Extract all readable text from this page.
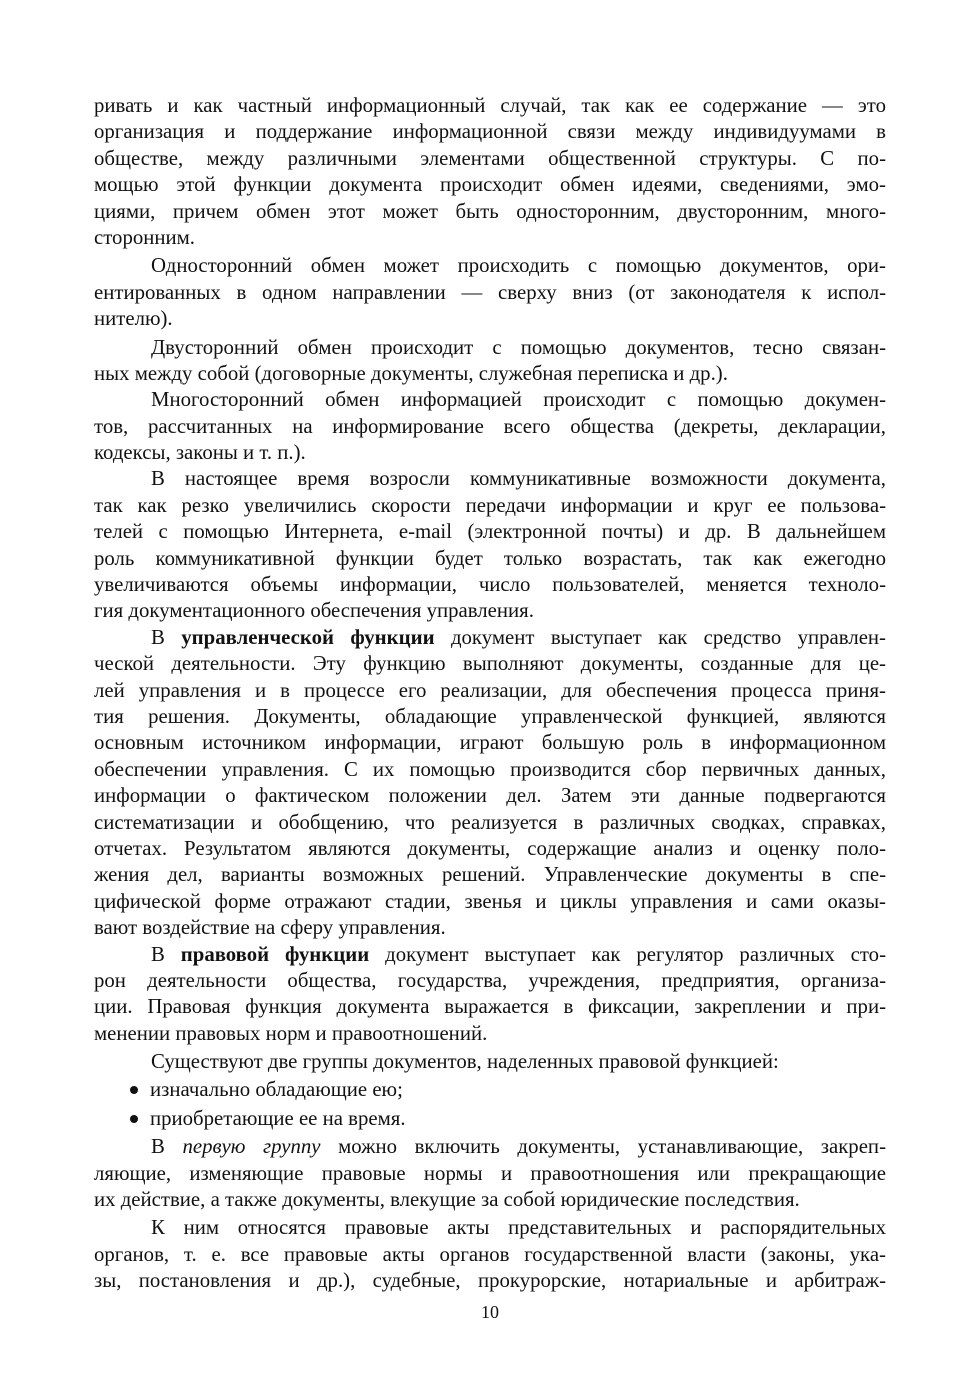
ривать и как частный информационный случай, так как ее содержание — это
организация и поддержание информационной связи между индивидуумами в
обществе, между различными элементами общественной структуры. С по-
мощью этой функции документа происходит обмен идеями, сведениями, эмо-
циями, причем обмен этот может быть односторонним, двусторонним, много-
сторонним.
Односторонний обмен может происходить с помощью документов, ори-
ентированных в одном направлении — сверху вниз (от законодателя к испол-
нителю).
Двусторонний обмен происходит с помощью документов, тесно связан-
ных между собой (договорные документы, служебная переписка и др.).
Многосторонний обмен информацией происходит с помощью докумен-
тов, рассчитанных на информирование всего общества (декреты, декларации,
кодексы, законы и т. п.).
В настоящее время возросли коммуникативные возможности документа,
так как резко увеличились скорости передачи информации и круг ее пользова-
телей с помощью Интернета, e-mail (электронной почты) и др. В дальнейшем
роль коммуникативной функции будет только возрастать, так как ежегодно
увеличиваются объемы информации, число пользователей, меняется техноло-
гия документационного обеспечения управления.
В управленческой функции документ выступает как средство управлен-
ческой деятельности. Эту функцию выполняют документы, созданные для це-
лей управления и в процессе его реализации, для обеспечения процесса приня-
тия решения. Документы, обладающие управленческой функцией, являются
основным источником информации, играют большую роль в информационном
обеспечении управления. С их помощью производится сбор первичных данных,
информации о фактическом положении дел. Затем эти данные подвергаются
систематизации и обобщению, что реализуется в различных сводках, справках,
отчетах. Результатом являются документы, содержащие анализ и оценку поло-
жения дел, варианты возможных решений. Управленческие документы в спе-
цифической форме отражают стадии, звенья и циклы управления и сами оказы-
вают воздействие на сферу управления.
В правовой функции документ выступает как регулятор различных сто-
рон деятельности общества, государства, учреждения, предприятия, организа-
ции. Правовая функция документа выражается в фиксации, закреплении и при-
менении правовых норм и правоотношений.
Существуют две группы документов, наделенных правовой функцией:
изначально обладающие ею;
приобретающие ее на время.
В первую группу можно включить документы, устанавливающие, закреп-
ляющие, изменяющие правовые нормы и правоотношения или прекращающие
их действие, а также документы, влекущие за собой юридические последствия.
К ним относятся правовые акты представительных и распорядительных
органов, т. е. все правовые акты органов государственной власти (законы, ука-
зы, постановления и др.), судебные, прокурорские, нотариальные и арбитраж-
10
